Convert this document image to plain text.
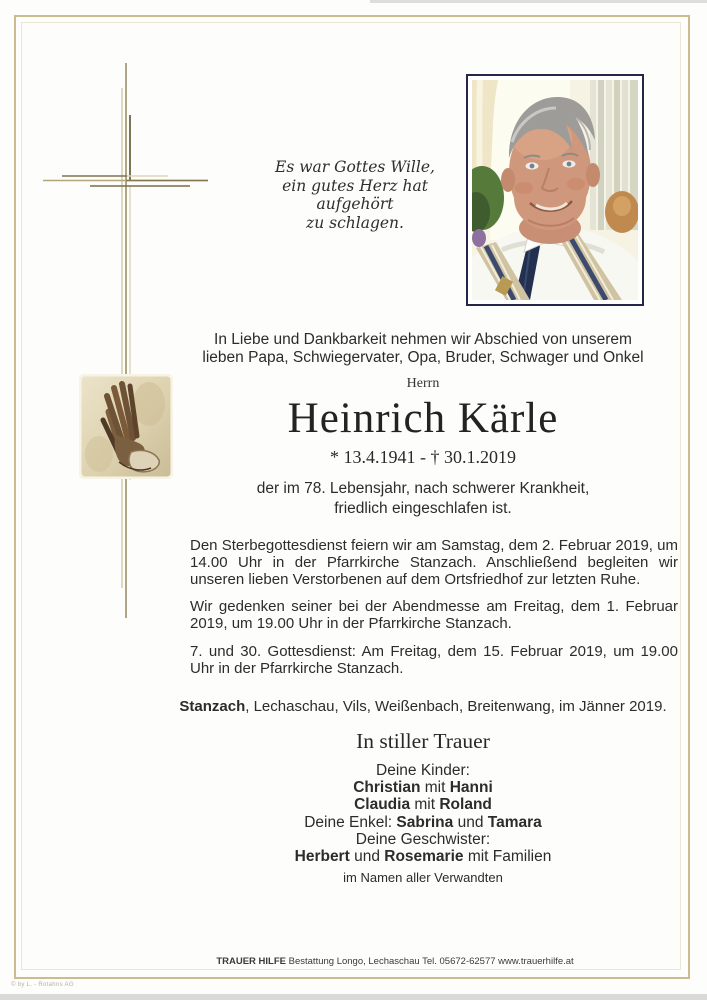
Es war Gottes Wille,
ein gutes Herz hat aufgehört
zu schlagen.
In Liebe und Dankbarkeit nehmen wir Abschied von unserem
lieben Papa, Schwiegervater, Opa, Bruder, Schwager und Onkel
Herrn
Heinrich Kärle
* 13.4.1941 - † 30.1.2019
der im 78. Lebensjahr, nach schwerer Krankheit,
friedlich eingeschlafen ist.

Den Sterbegottesdienst feiern wir am Samstag, dem 2. Februar 2019, um 14.00 Uhr in der Pfarrkirche Stanzach. Anschließend begleiten wir unseren lieben Verstorbenen auf dem Ortsfriedhof zur letzten Ruhe.

Wir gedenken seiner bei der Abendmesse am Freitag, dem 1. Februar 2019, um 19.00 Uhr in der Pfarrkirche Stanzach.

7. und 30. Gottesdienst: Am Freitag, dem 15. Februar 2019, um 19.00 Uhr in der Pfarrkirche Stanzach.

Stanzach, Lechaschau, Vils, Weißenbach, Breitenwang, im Jänner 2019.
In stiller Trauer
Deine Kinder:
Christian mit Hanni
Claudia mit Roland
Deine Enkel: Sabrina und Tamara
Deine Geschwister:
Herbert und Rosemarie mit Familien
im Namen aller Verwandten
TRAUER HILFE Bestattung Longo, Lechaschau Tel. 05672-62577 www.trauerhilfe.at
© by L. - Rotahns AG
